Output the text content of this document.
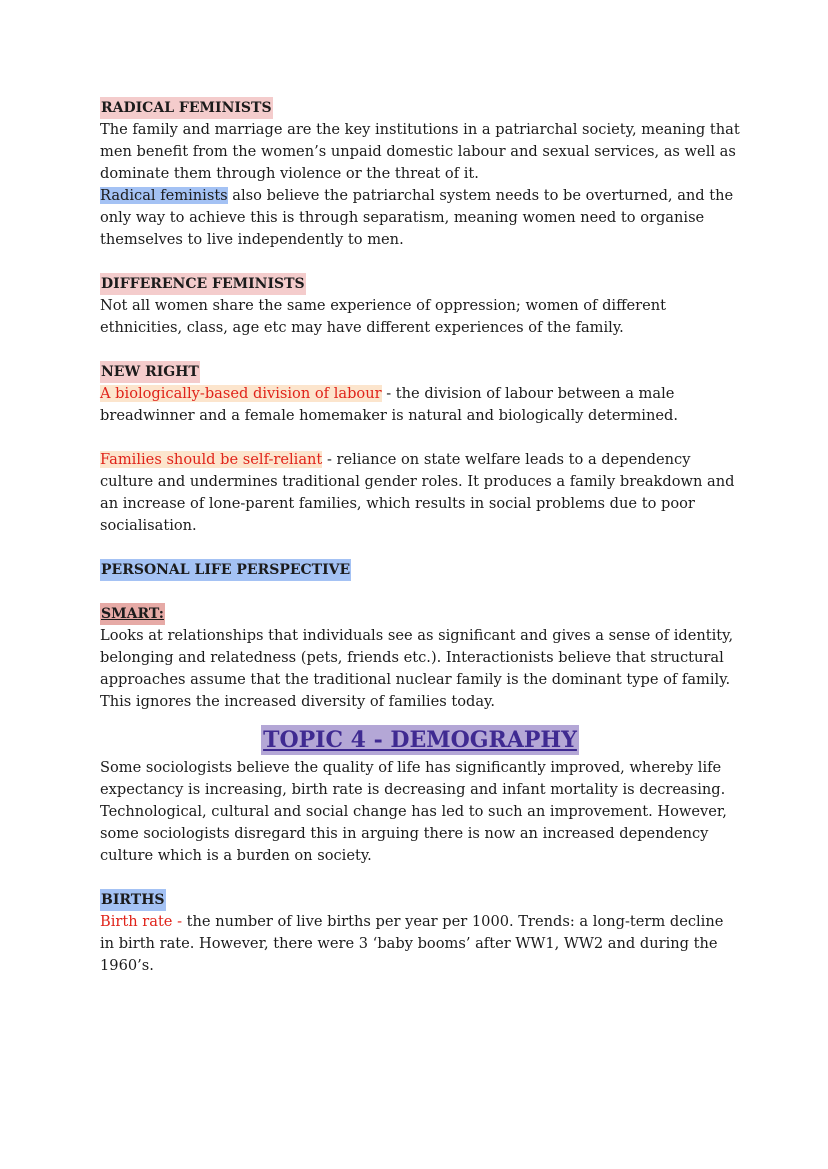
RADICAL FEMINISTS

The family and marriage are the key institutions in a patriarchal society, meaning that men benefit from the women’s unpaid domestic labour and sexual services, as well as dominate them through violence or the threat of it.

Radical feminists also believe the patriarchal system needs to be overturned, and the only way to achieve this is through separatism, meaning women need to organise themselves to live independently to men.

DIFFERENCE FEMINISTS

Not all women share the same experience of oppression; women of different ethnicities, class, age etc may have different experiences of the family.

NEW RIGHT

A biologically-based division of labour - the division of labour between a male breadwinner and a female homemaker is natural and biologically determined.

Families should be self-reliant - reliance on state welfare leads to a dependency culture and undermines traditional gender roles. It produces a family breakdown and an increase of lone-parent families, which results in social problems due to poor socialisation.

PERSONAL LIFE PERSPECTIVE
SMART:

Looks at relationships that individuals see as significant and gives a sense of identity, belonging and relatedness (pets, friends etc.). Interactionists believe that structural approaches assume that the traditional nuclear family is the dominant type of family. This ignores the increased diversity of families today.

TOPIC 4 - DEMOGRAPHY

Some sociologists believe the quality of life has significantly improved, whereby life expectancy is increasing, birth rate is decreasing and infant mortality is decreasing. Technological, cultural and social change has led to such an improvement. However, some sociologists disregard this in arguing there is now an increased dependency culture which is a burden on society.

BIRTHS

Birth rate - the number of live births per year per 1000. Trends: a long-term decline in birth rate. However, there were 3 ‘baby booms’ after WW1, WW2 and during the 1960’s.
